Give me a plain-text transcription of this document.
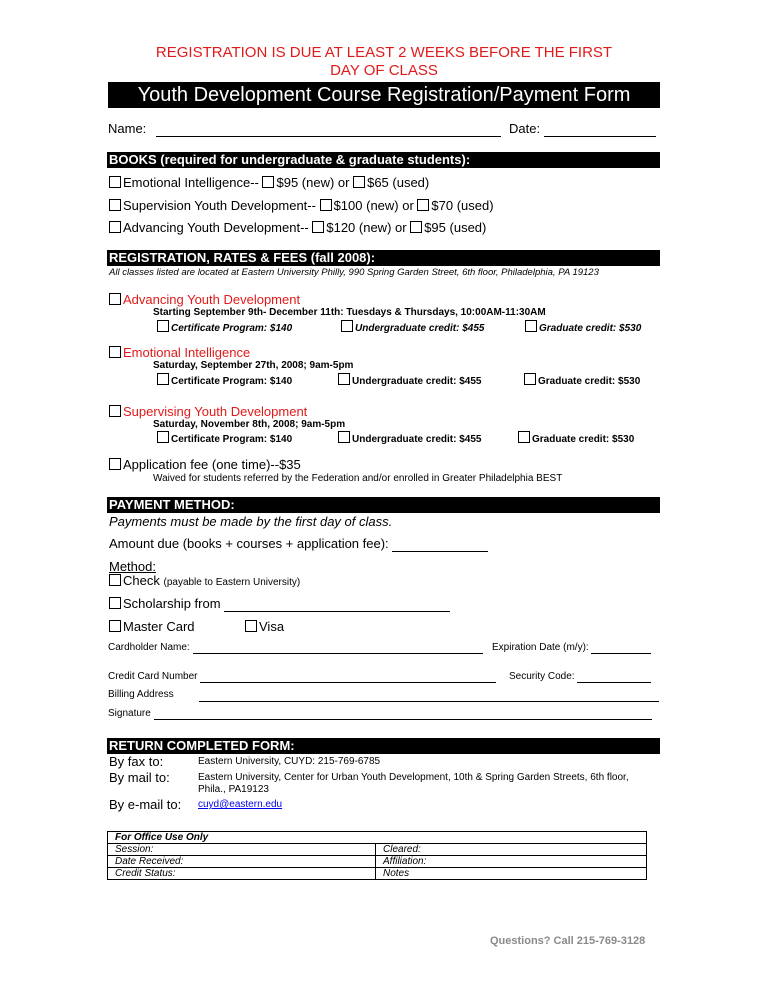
REGISTRATION IS DUE AT LEAST 2 WEEKS BEFORE THE FIRST
DAY OF CLASS
Youth Development Course Registration/Payment Form
Name:	Date:
BOOKS (required for undergraduate & graduate students):
Emotional Intelligence-- $95 (new) or $65 (used)
Supervision Youth Development-- $100 (new) or $70 (used)
Advancing Youth Development-- $120 (new) or $95 (used)
REGISTRATION, RATES & FEES (fall 2008):
All classes listed are located at Eastern University Philly, 990 Spring Garden Street, 6th floor, Philadelphia, PA 19123
Advancing Youth Development
Starting September 9th- December 11th: Tuesdays & Thursdays, 10:00AM-11:30AM
Certificate Program: $140	Undergraduate credit: $455	Graduate credit: $530
Emotional Intelligence
Saturday, September 27th, 2008; 9am-5pm
Certificate Program: $140	Undergraduate credit: $455	Graduate credit: $530
Supervising Youth Development
Saturday, November 8th, 2008; 9am-5pm
Certificate Program: $140	Undergraduate credit: $455	Graduate credit: $530
Application fee (one time)--$35
Waived for students referred by the Federation and/or enrolled in Greater Philadelphia BEST
PAYMENT METHOD:
Payments must be made by the first day of class.
Amount due (books + courses + application fee):
Method:
Check (payable to Eastern University)
Scholarship from
Master Card	Visa
Cardholder Name:	Expiration Date (m/y):
Credit Card Number	Security Code:
Billing Address
Signature
RETURN COMPLETED FORM:
By fax to:	Eastern University, CUYD: 215-769-6785
By mail to:	Eastern University, Center for Urban Youth Development, 10th & Spring Garden Streets, 6th floor,
Phila., PA19123
By e-mail to: cuyd@eastern.edu
For Office Use Only	
Session:	Cleared:
Date Received:	Affiliation:
Credit Status:	Notes
Questions? Call 215-769-3128
